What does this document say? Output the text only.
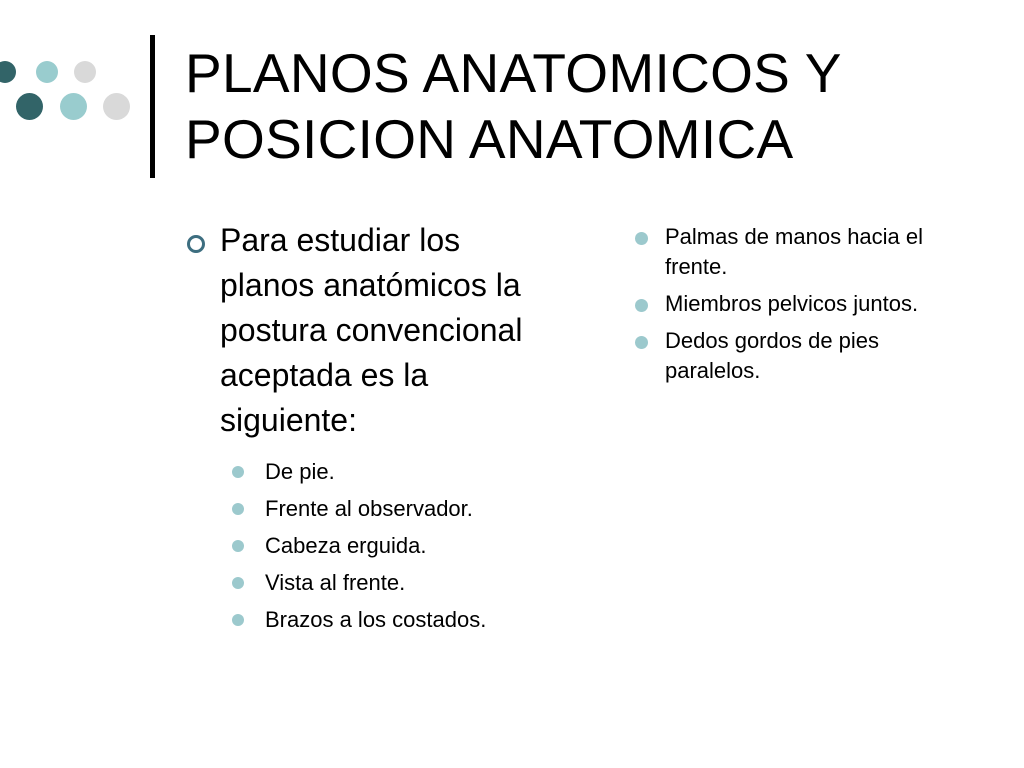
PLANOS ANATOMICOS Y
POSICION ANATOMICA
Para estudiar los planos anatómicos la postura convencional aceptada es la siguiente:
De pie.
Frente al observador.
Cabeza erguida.
Vista al frente.
Brazos a los costados.
Palmas de manos hacia el frente.
Miembros pelvicos juntos.
Dedos gordos de pies paralelos.
